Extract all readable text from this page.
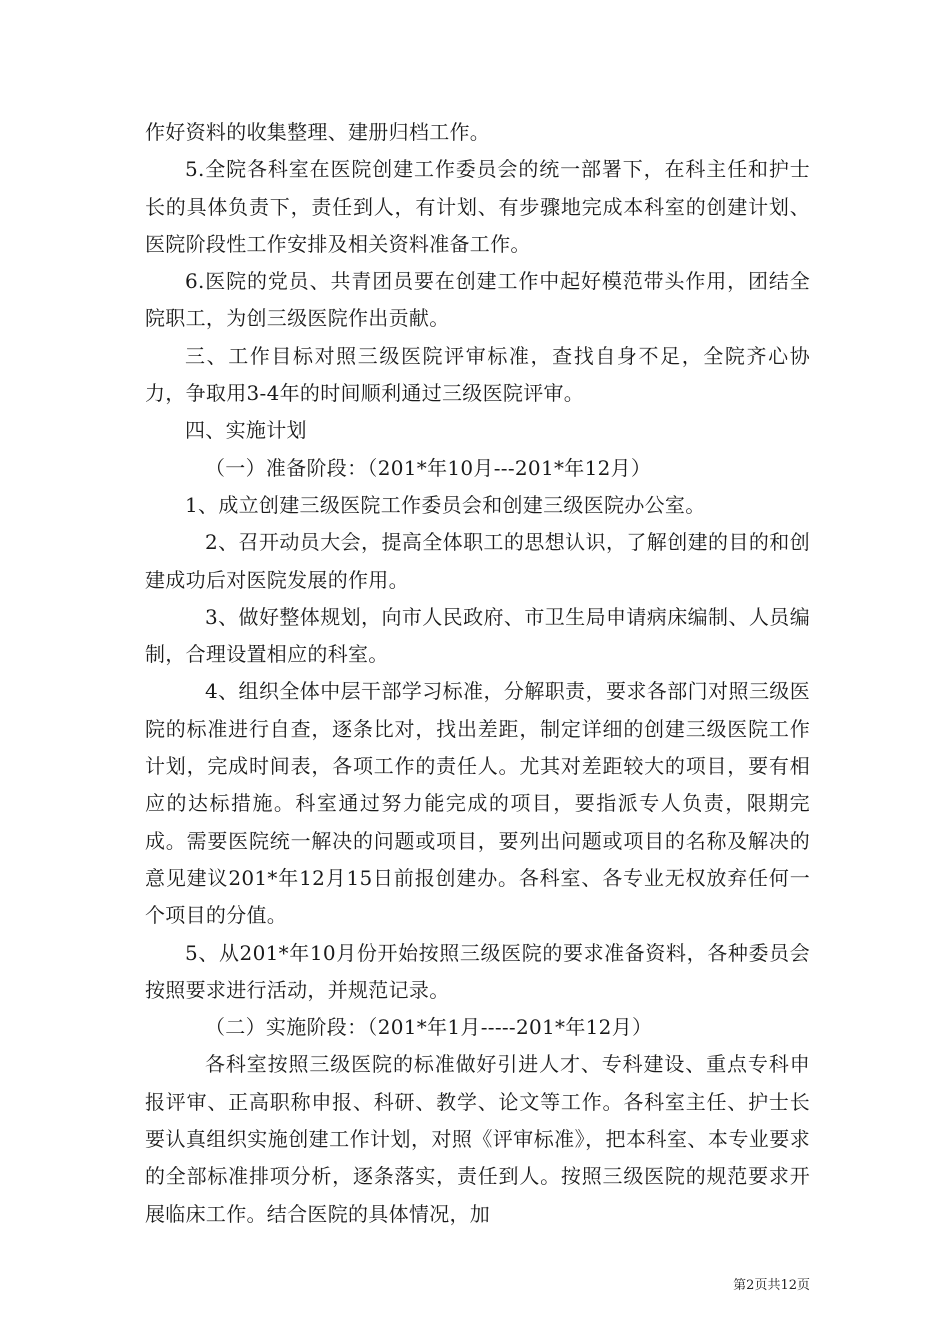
作好资料的收集整理、建册归档工作。

5.全院各科室在医院创建工作委员会的统一部署下，在科主任和护士长的具体负责下，责任到人，有计划、有步骤地完成本科室的创建计划、医院阶段性工作安排及相关资料准备工作。

6.医院的党员、共青团员要在创建工作中起好模范带头作用，团结全院职工，为创三级医院作出贡献。

三、工作目标对照三级医院评审标准，查找自身不足，全院齐心协力，争取用3-4年的时间顺利通过三级医院评审。

四、实施计划

（一）准备阶段：（201*年10月---201*年12月）

1、成立创建三级医院工作委员会和创建三级医院办公室。

2、召开动员大会，提高全体职工的思想认识，了解创建的目的和创建成功后对医院发展的作用。

3、做好整体规划，向市人民政府、市卫生局申请病床编制、人员编制，合理设置相应的科室。

4、组织全体中层干部学习标准，分解职责，要求各部门对照三级医院的标准进行自查，逐条比对，找出差距，制定详细的创建三级医院工作计划，完成时间表，各项工作的责任人。尤其对差距较大的项目，要有相应的达标措施。科室通过努力能完成的项目，要指派专人负责，限期完成。需要医院统一解决的问题或项目，要列出问题或项目的名称及解决的意见建议201*年12月15日前报创建办。各科室、各专业无权放弃任何一个项目的分值。

5、从201*年10月份开始按照三级医院的要求准备资料，各种委员会按照要求进行活动，并规范记录。

（二）实施阶段：（201*年1月-----201*年12月）

各科室按照三级医院的标准做好引进人才、专科建设、重点专科申报评审、正高职称申报、科研、教学、论文等工作。各科室主任、护士长要认真组织实施创建工作计划，对照《评审标准》，把本科室、本专业要求的全部标准排项分析，逐条落实，责任到人。按照三级医院的规范要求开展临床工作。结合医院的具体情况，加

第2页共12页
